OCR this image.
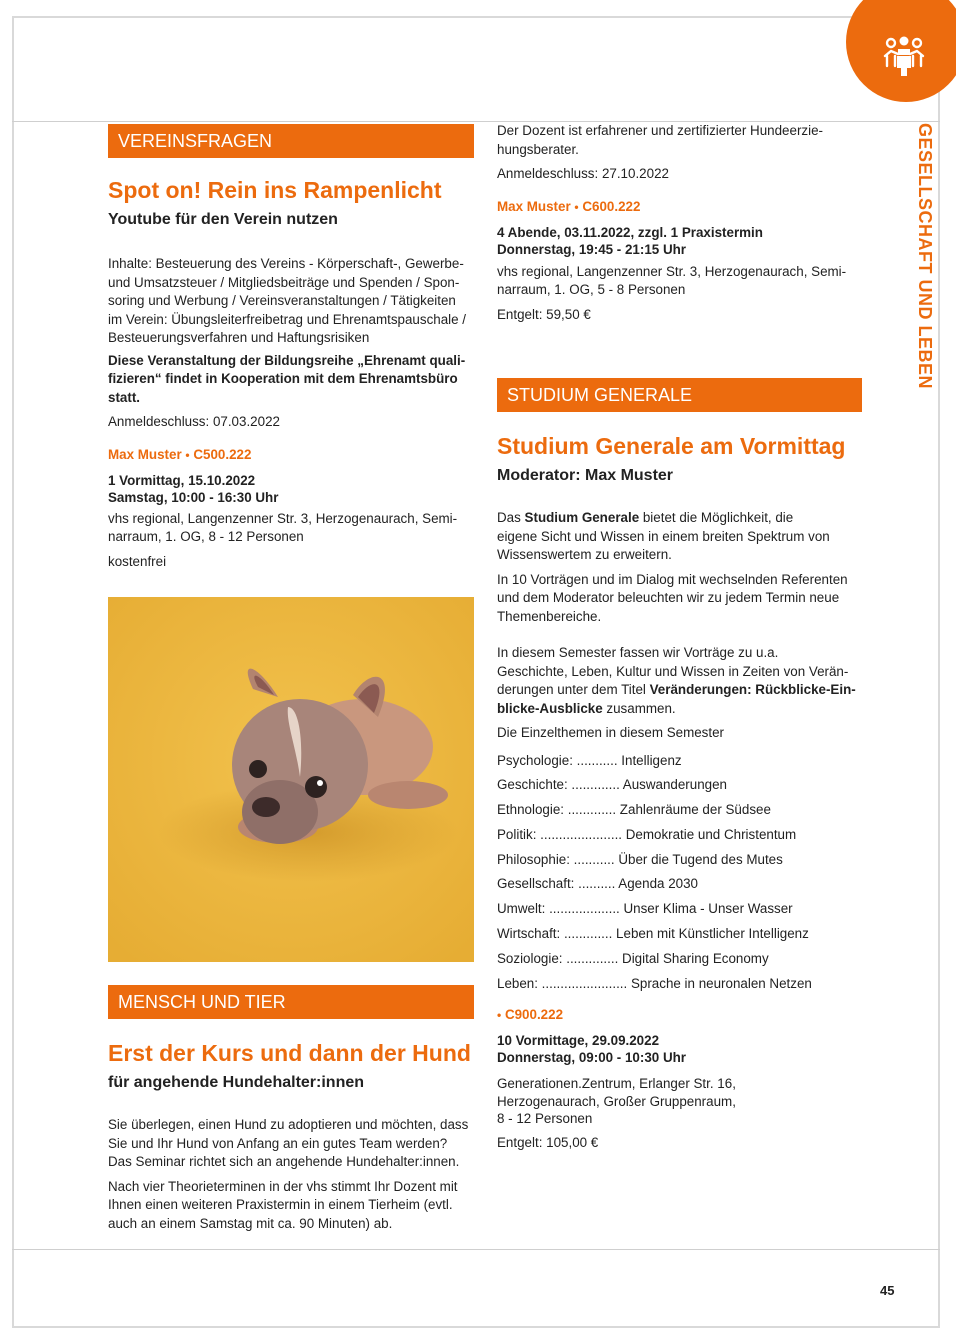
GESELLSCHAFT UND LEBEN
VEREINSFRAGEN
Spot on! Rein ins Rampenlicht
Youtube für den Verein nutzen
Inhalte: Besteuerung des Vereins - Körperschaft-, Gewerbe-
und Umsatzsteuer / Mitgliedsbeiträge und Spenden / Spon-
soring und Werbung / Vereinsveranstaltungen / Tätigkeiten
im Verein: Übungsleiterfreibetrag und Ehrenamtspauschale /
Besteuerungsverfahren und Haftungsrisiken
Diese Veranstaltung der Bildungsreihe „Ehrenamt quali-
fizieren“ findet in Kooperation mit dem Ehrenamtsbüro
statt.
Anmeldeschluss: 07.03.2022
Max Muster • C500.222
1 Vormittag, 15.10.2022
Samstag, 10:00 - 16:30 Uhr
vhs regional, Langenzenner Str. 3, Herzogenaurach, Semi-
narraum, 1. OG, 8 - 12 Personen
kostenfrei
MENSCH UND TIER
Erst der Kurs und dann der Hund
für angehende Hundehalter:innen
Sie überlegen, einen Hund zu adoptieren und möchten, dass
Sie und Ihr Hund von Anfang an ein gutes Team werden?
Das Seminar richtet sich an angehende Hundehalter:innen.
Nach vier Theorieterminen in der vhs stimmt Ihr Dozent mit
Ihnen einen weiteren Praxistermin in einem Tierheim (evtl.
auch an einem Samstag mit ca. 90 Minuten) ab.
Der Dozent ist erfahrener und zertifizierter Hundeerzie-
hungsberater.
Anmeldeschluss: 27.10.2022
Max Muster • C600.222
4 Abende, 03.11.2022, zzgl. 1 Praxistermin
Donnerstag, 19:45 - 21:15 Uhr
vhs regional, Langenzenner Str. 3, Herzogenaurach, Semi-
narraum, 1. OG, 5 - 8 Personen
Entgelt: 59,50 €
STUDIUM GENERALE
Studium Generale am Vormittag
Moderator: Max Muster
Das Studium Generale bietet die Möglichkeit, die
eigene Sicht und Wissen in einem breiten Spektrum von
Wissenswertem zu erweitern.
In 10 Vorträgen und im Dialog mit wechselnden Referenten
und dem Moderator beleuchten wir zu jedem Termin neue
Themenbereiche.
In diesem Semester fassen wir Vorträge zu u.a.
Geschichte, Leben, Kultur und Wissen in Zeiten von Verän-
derungen unter dem Titel Veränderungen: Rückblicke-Ein-
blicke-Ausblicke zusammen.
Die Einzelthemen in diesem Semester
Psychologie: ........... Intelligenz
Geschichte: ............. Auswanderungen
Ethnologie: ............. Zahlenräume der Südsee
Politik: ...................... Demokratie und Christentum
Philosophie: ........... Über die Tugend des Mutes
Gesellschaft: .......... Agenda 2030
Umwelt: ................... Unser Klima - Unser Wasser
Wirtschaft: ............. Leben mit Künstlicher Intelligenz
Soziologie: .............. Digital Sharing Economy
Leben: ....................... Sprache in neuronalen Netzen
• C900.222
10 Vormittage, 29.09.2022
Donnerstag, 09:00 - 10:30 Uhr
Generationen.Zentrum, Erlanger Str. 16,
Herzogenaurach, Großer Gruppenraum,
8 - 12 Personen
Entgelt: 105,00 €
45
